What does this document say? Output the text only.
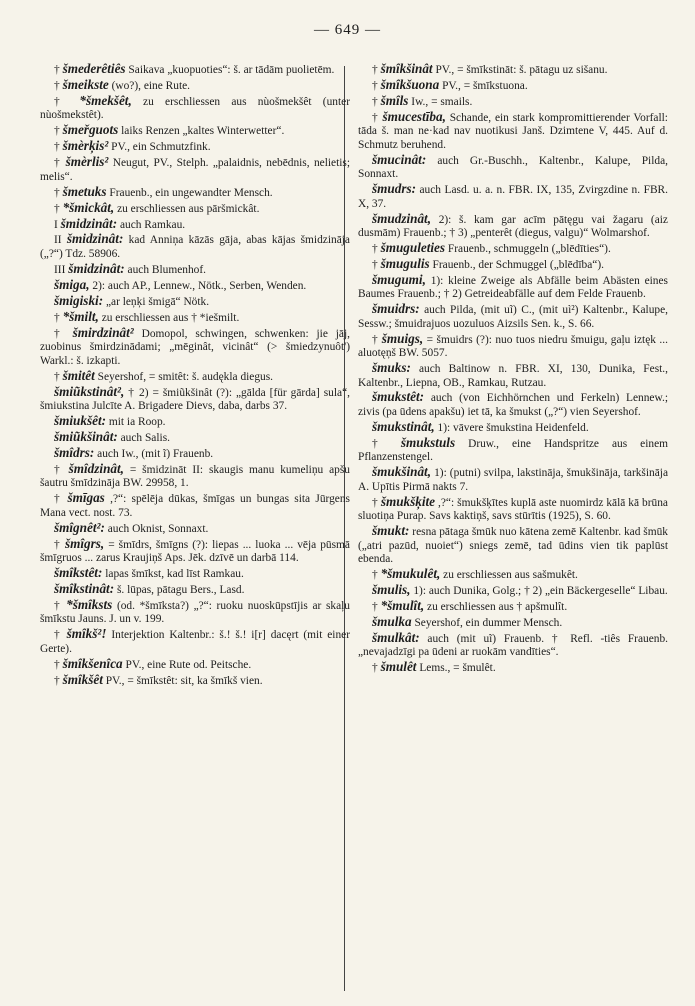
— 649 —

† šmederêtiês Saikava „kuopuoties“: š. ar tādām puolietēm.

† šmeikste (wo?), eine Rute.

† *šmekšêt, zu erschliessen aus nùošmekšêt (unter nùošmekstêt).

† šmeřguots laiks Renzen „kaltes Winterwetter“.

† šmèrķis² PV., ein Schmutzfink.

† šmèrlis² Neugut, PV., Stelph. „palaidnis, nebēdnis, nelietis; melis“.

† šmetuks Frauenb., ein ungewandter Mensch.

† *šmickât, zu erschliessen aus pāršmickât.

I šmidzinât: auch Ramkau.

II šmidzinât: kad Anniņa kāzās gāja, abas kājas šmidzināja („?“) Tdz. 58906.

III šmidzinât: auch Blumenhof.

šmiga, 2): auch AP., Lennew., Nötk., Serben, Wenden.

šmigiski: „ar leņķi šmigā“ Nötk.

† *šmilt, zu erschliessen aus † *iešmilt.

† šmirdzinât² Domopol, schwingen, schwenken: jie jāj, zuobinus šmirdzinādami; „mēginât, vicinât“ (> šmiedzynuôt') Warkl.: š. izkapti.

† šmitêt Seyershof, = smitêt: š. audękla diegus.

šmiũkstinât², † 2) = šmiũkšinât (?): „gālda [für gārda] sula“, šmiukstina Julcīte A. Brigadere Dievs, daba, darbs 37.

šmiukšêt: mit ia Roop.

šmiũkšinât: auch Salis.

šmîdrs: auch Iw., (mit ĩ) Frauenb.

† šmîdzinât, = šmidzināt II: skaugis manu kumeliņu apšu šautru šmīdzināja BW. 29958, 1.

† šmīgas ,?“: spēlēja dūkas, šmīgas un bungas sita Jūrgens Mana vect. nost. 73.

šmîgnêt²: auch Oknist, Sonnaxt.

† šmîgrs, = šmīdrs, šmīgns (?): liepas ... luoka ... vēja pūsmā šmīgruos ... zarus Kraujiņš Aps. Jēk. dzīvē un darbā 114.

šmîkstêt: lapas šmīkst, kad līst Ramkau.

šmîkstinât: š. lūpas, pātagu Bers., Lasd.

† *šmîksts (od. *šmīksta?) „?“: ruoku nuoskūpstījis ar skaļu šmīkstu Jauns. J. un v. 199.

† šmîkš²! Interjektion Kaltenbr.: š.! š.! i[r] dacęrt (mit einer Gerte).

† šmîkšenîca PV., eine Rute od. Peitsche.

† šmîkšêt PV., = šmīkstêt: sit, ka šmīkš vien.

† šmîkšinât PV., = šmīkstināt: š. pātagu uz sišanu.

† šmîkšuona PV., = šmīkstuona.

† šmîls Iw., = smails.

† šmucestība, Schande, ein stark kompromittierender Vorfall: tāda š. man ne·kad nav nuotikusi Janš. Dzimtene V, 445. Auf d. Schmutz beruhend.

šmucinât: auch Gr.-Buschh., Kaltenbr., Kalupe, Pilda, Sonnaxt.

šmudrs: auch Lasd. u. a. n. FBR. IX, 135, Zvirgzdine n. FBR. X, 37.

šmudzinât, 2): š. kam gar acīm pātęgu vai žagaru (aiz dusmām) Frauenb.; † 3) „penterêt (diegus, valgu)“ Wolmarshof.

† šmuguleties Frauenb., schmuggeln („blēdīties“).

† šmugulis Frauenb., der Schmuggel („blēdība“).

šmugumi, 1): kleine Zweige als Abfälle beim Abästen eines Baumes Frauenb.; † 2) Getreideabfälle auf dem Felde Frauenb.

šmuidrs: auch Pilda, (mit uĩ) C., (mit uì²) Kaltenbr., Kalupe, Sessw.; šmuidrajuos uozuluos Aizsils Sen. k., S. 66.

† šmuigs, = šmuidrs (?): nuo tuos niedru šmuigu, gaļu iztęk ... aluotęņš BW. 5057.

šmuks: auch Baltinow n. FBR. XI, 130, Dunika, Fest., Kaltenbr., Liepna, OB., Ramkau, Rutzau.

šmukstêt: auch (von Eichhörnchen und Ferkeln) Lennew.; zivis (pa ūdens apakšu) iet tā, ka šmukst („?“) vien Seyershof.

šmukstinât, 1): vāvere šmukstina Heidenfeld.

† šmukstuls Druw., eine Handspritze aus einem Pflanzenstengel.

šmukšinât, 1): (putni) svilpa, lakstināja, šmukšināja, tarkšināja A. Upītis Pirmā nakts 7.

† šmukšķite ,?“: šmukšķītes kuplā aste nuomirdz kālā kā brūna sluotiņa Purap. Savs kaktiņš, savs stūrītis (1925), S. 60.

šmukt: resna pātaga šmūk nuo kātena zemē Kaltenbr. kad šmūk („atri pazūd, nuoiet“) sniegs zemē, tad ūdins vien tik paplūst ebenda.

† *šmukulêt, zu erschliessen aus sašmukêt.

šmulis, 1): auch Dunika, Golg.; † 2) „ein Bäckergeselle“ Libau.

† *šmulît, zu erschliessen aus † apšmulît.

šmulka Seyershof, ein dummer Mensch.

šmulkât: auch (mit uĩ) Frauenb. † Refl. -tiês Frauenb. „nevajadzīgi pa ūdeni ar ruokām vandīties“.

† šmulêt Lems., = šmulêt.
